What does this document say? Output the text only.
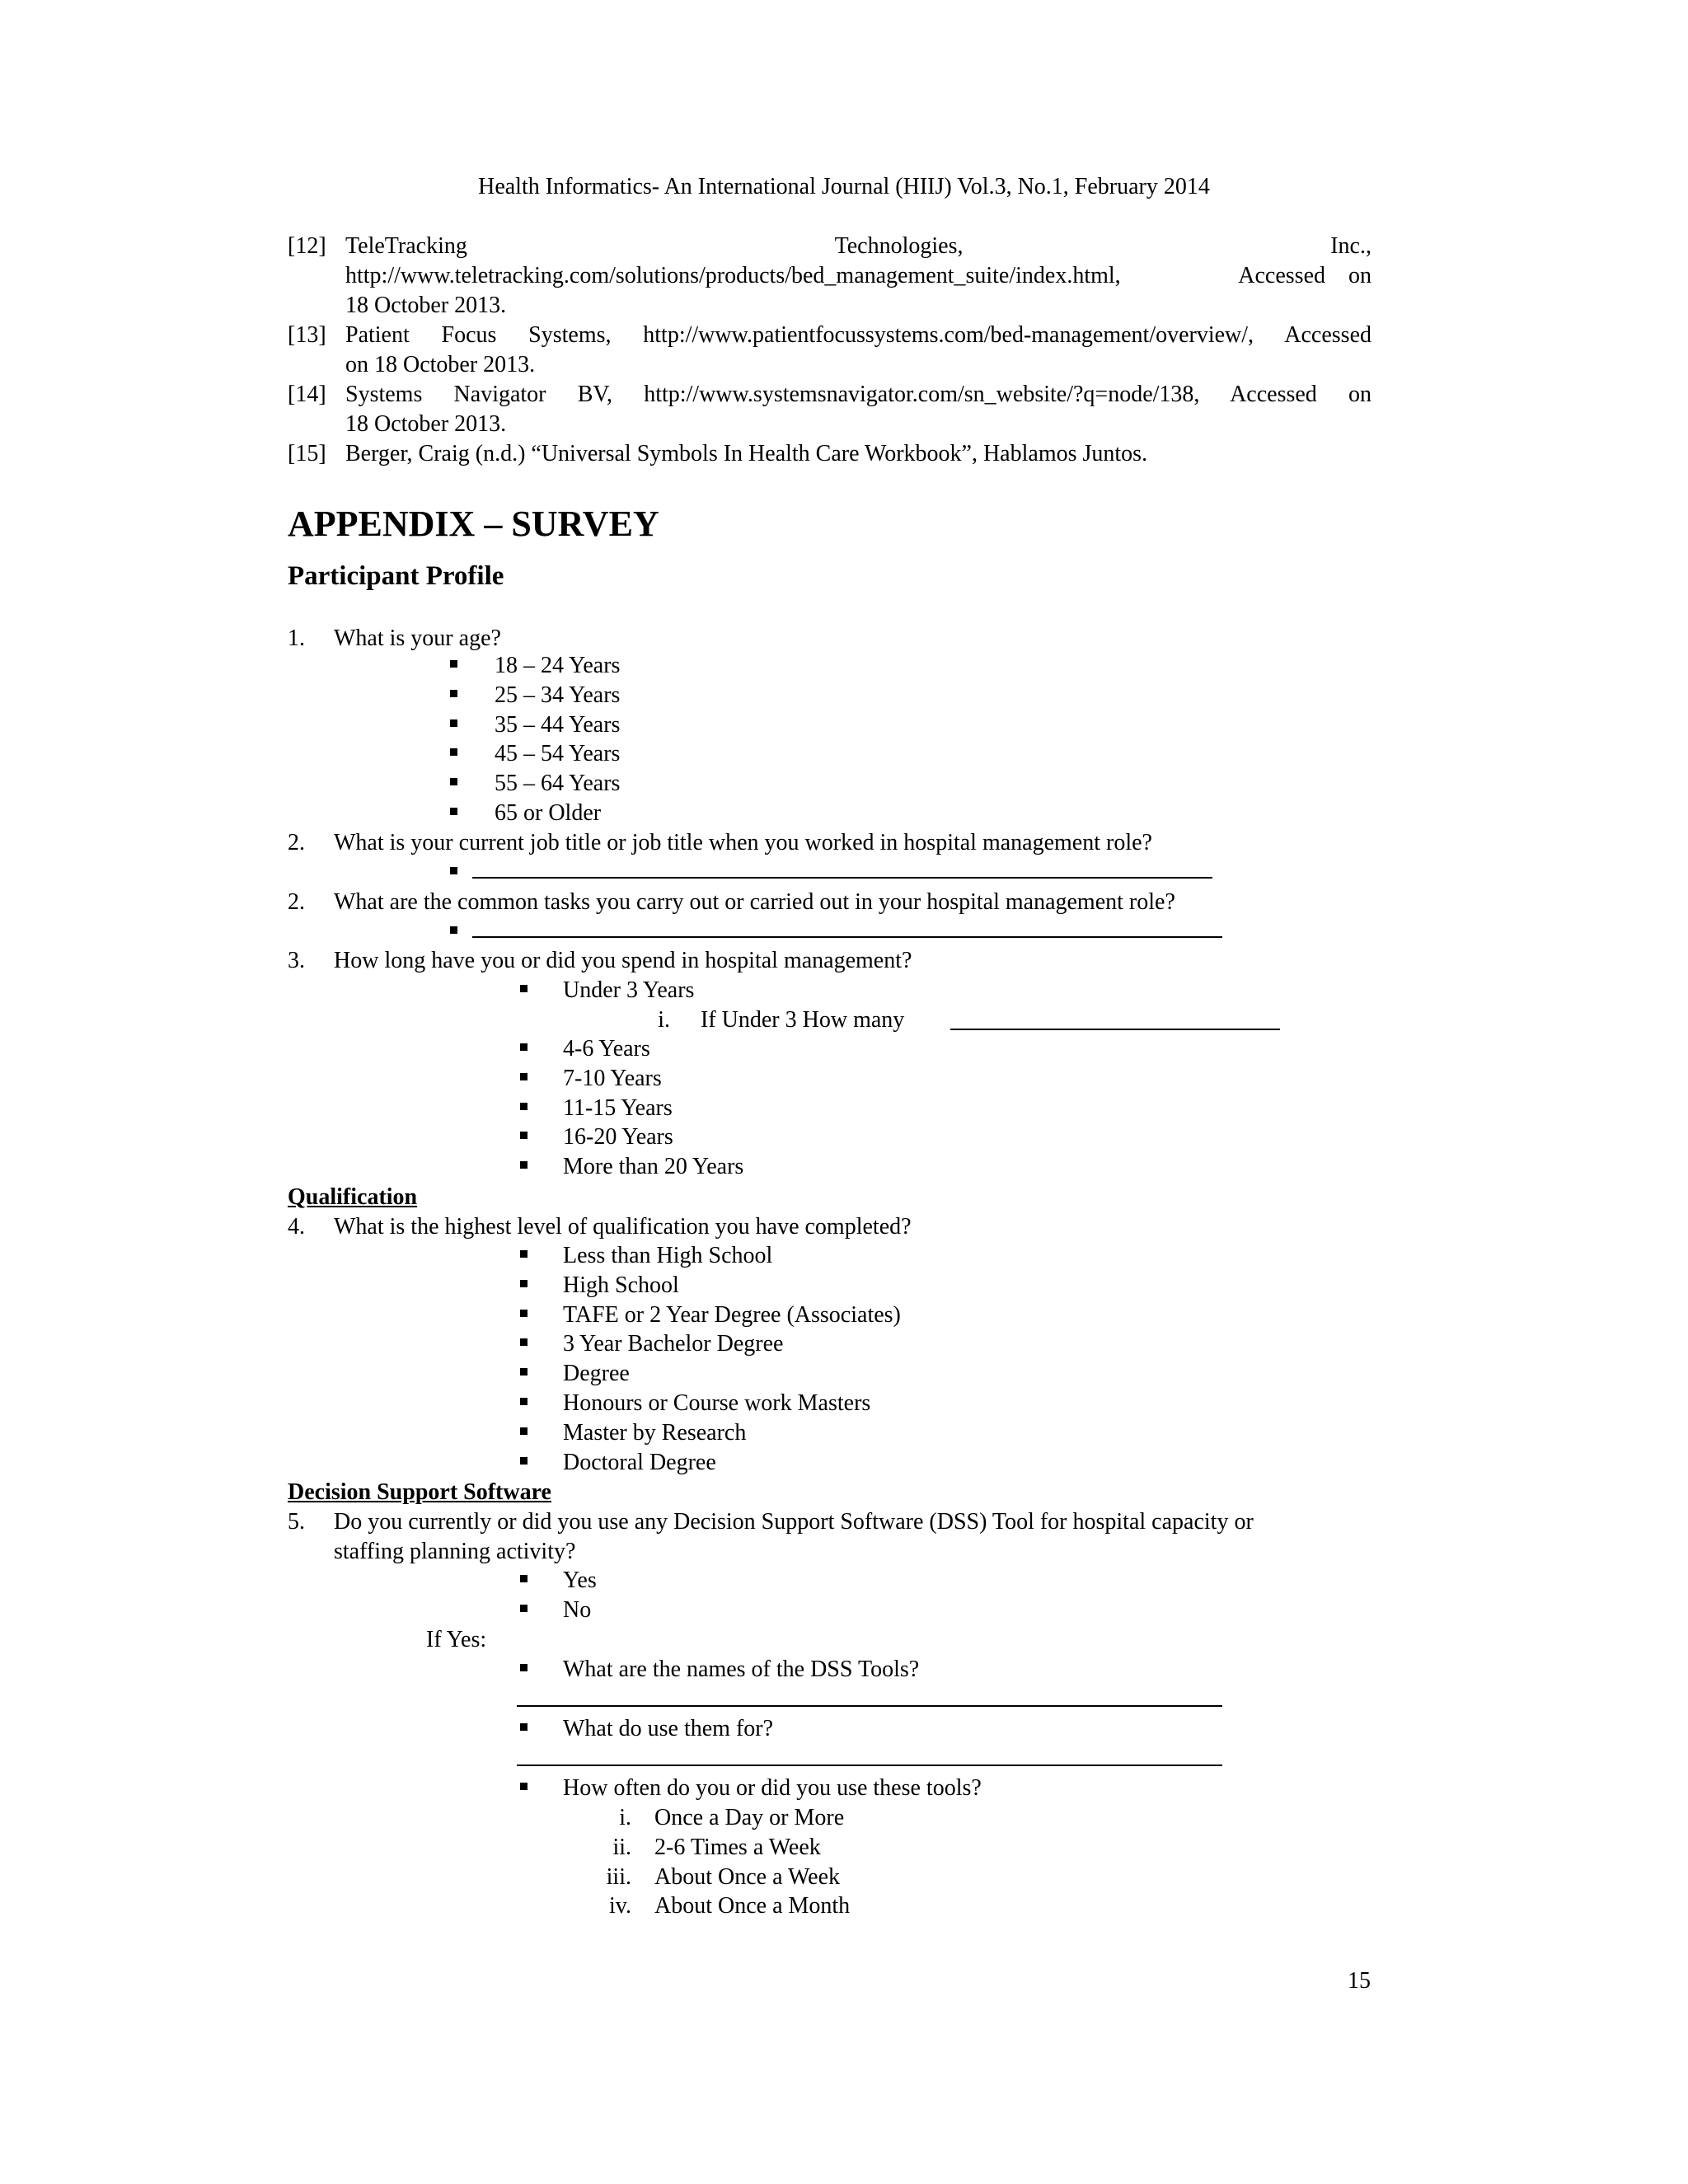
Health Informatics- An International Journal (HIIJ) Vol.3, No.1, February 2014
[12] TeleTracking	Technologies,	Inc.,
http://www.teletracking.com/solutions/products/bed_management_suite/index.html,	Accessed on
18 October 2013.
[13] Patient Focus Systems, http://www.patientfocussystems.com/bed-management/overview/, Accessed
on 18 October 2013.
[14] Systems Navigator BV, http://www.systemsnavigator.com/sn_website/?q=node/138, Accessed on
18 October 2013.
[15] Berger, Craig (n.d.) “Universal Symbols In Health Care Workbook”, Hablamos Juntos.
APPENDIX – SURVEY
Participant Profile
1. What is your age?
18 – 24 Years
25 – 34 Years
35 – 44 Years
45 – 54 Years
55 – 64 Years
65 or Older
2. What is your current job title or job title when you worked in hospital management role?
2. What are the common tasks you carry out or carried out in your hospital management role?
3. How long have you or did you spend in hospital management?
Under 3 Years
i. If Under 3 How many
4-6 Years
7-10 Years
11-15 Years
16-20 Years
More than 20 Years
Qualification
4. What is the highest level of qualification you have completed?
Less than High School
High School
TAFE or 2 Year Degree (Associates)
3 Year Bachelor Degree
Degree
Honours or Course work Masters
Master by Research
Doctoral Degree
Decision Support Software
5. Do you currently or did you use any Decision Support Software (DSS) Tool for hospital capacity or
staffing planning activity?
Yes
No
If Yes:
What are the names of the DSS Tools?
What do use them for?
How often do you or did you use these tools?
i. Once a Day or More
ii. 2-6 Times a Week
iii. About Once a Week
iv. About Once a Month
15
